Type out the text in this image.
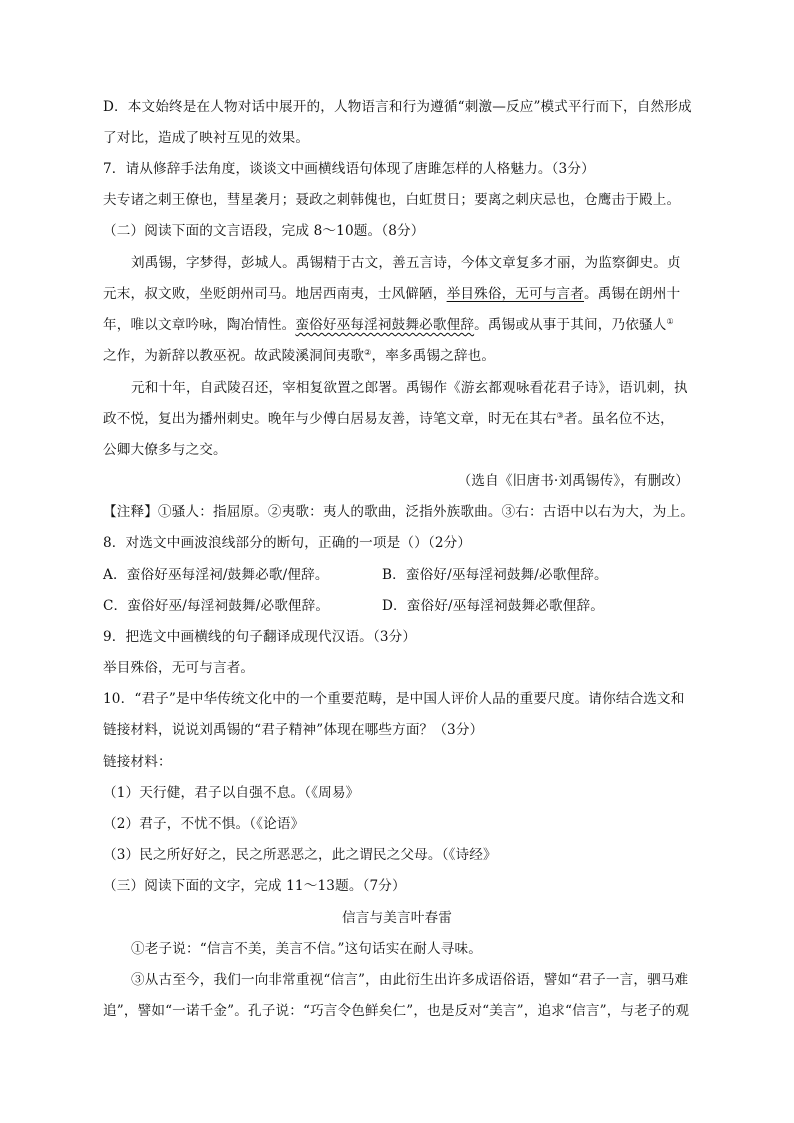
D．本文始终是在人物对话中展开的，人物语言和行为遵循“刺激—反应”模式平行而下，自然形成
了对比，造成了映衬互见的效果。
7．请从修辞手法角度，谈谈文中画横线语句体现了唐雎怎样的人格魅力。（3分）
夫专诸之刺王僚也，彗星袭月；聂政之刺韩傀也，白虹贯日；要离之刺庆忌也，仓鹰击于殿上。
（二）阅读下面的文言语段，完成 8～10题。（8分）
刘禹锡，字梦得，彭城人。禹锡精于古文，善五言诗，今体文章复多才丽，为监察御史。贞
元末，叔文败，坐贬朗州司马。地居西南夷，士风僻陋，举目殊俗，无可与言者。禹锡在朗州十
年，唯以文章吟咏，陶冶情性。蛮俗好巫每淫祠鼓舞必歌俚辞。禹锡或从事于其间，乃依骚人①
之作，为新辞以教巫祝。故武陵溪洞间夷歌②，率多禹锡之辞也。
元和十年，自武陵召还，宰相复欲置之郎署。禹锡作《游玄都观咏看花君子诗》，语讥刺，执
政不悦，复出为播州刺史。晚年与少傅白居易友善，诗笔文章，时无在其右③者。虽名位不达，
公卿大僚多与之交。
（选自《旧唐书·刘禹锡传》，有删改）
【注释】①骚人：指屈原。②夷歌：夷人的歌曲，泛指外族歌曲。③右：古语中以右为大，为上。
8．对选文中画波浪线部分的断句，正确的一项是（）（2分）
A．蛮俗好巫每淫祠/鼓舞必歌/俚辞。	B．蛮俗好/巫每淫祠鼓舞/必歌俚辞。
C．蛮俗好巫/每淫祠鼓舞/必歌俚辞。	D．蛮俗好/巫每淫祠鼓舞必歌俚辞。
9．把选文中画横线的句子翻译成现代汉语。（3分）
举目殊俗，无可与言者。
10．“君子”是中华传统文化中的一个重要范畴，是中国人评价人品的重要尺度。请你结合选文和
链接材料，说说刘禹锡的“君子精神”体现在哪些方面？（3分）
链接材料：
（1）天行健，君子以自强不息。（《周易》
（2）君子，不忧不惧。（《论语》
（3）民之所好好之，民之所恶恶之，此之谓民之父母。（《诗经》
（三）阅读下面的文字，完成 11～13题。（7分）
信言与美言叶春雷
①老子说：“信言不美，美言不信。”这句话实在耐人寻味。
③从古至今，我们一向非常重视“信言”，由此衍生出许多成语俗语，譬如“君子一言，驷马难
追”，譬如“一诺千金”。孔子说：“巧言令色鲜矣仁”，也是反对“美言”，追求“信言”，与老子的观
